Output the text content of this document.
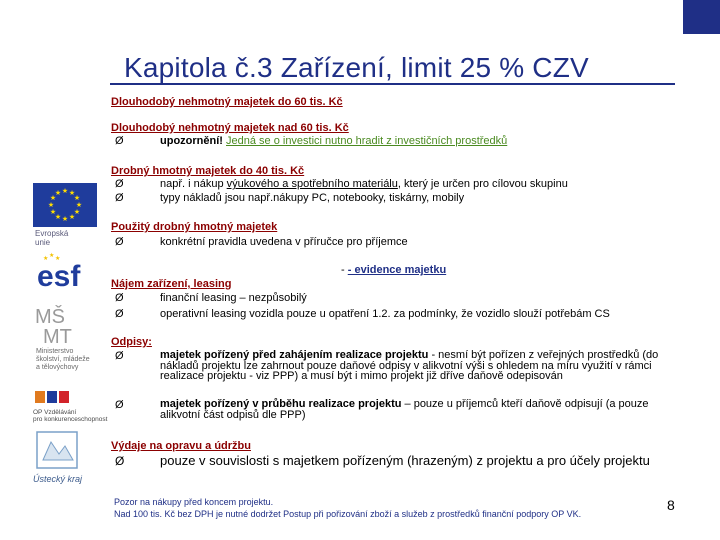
Kapitola č.3 Zařízení, limit 25 % CZV
Dlouhodobý nehmotný majetek do 60 tis. Kč
Dlouhodobý nehmotný majetek nad 60 tis. Kč
Ø	upozornění! Jedná se o investici nutno hradit z investičních prostředků
Drobný hmotný majetek do 40 tis. Kč
Ø	např. i nákup výukového a spotřebního materiálu, který je určen pro cílovou skupinu
Ø	typy nákladů jsou např.nákupy PC, notebooky, tiskárny, mobily
Použitý drobný hmotný majetek
Ø	konkrétní pravidla uvedena v příručce pro příjemce
- - evidence majetku
Nájem zařízení, leasing
Ø	finanční leasing – nezpůsobilý
Ø	operativní leasing vozidla pouze u opatření 1.2. za podmínky, že vozidlo slouží potřebám CS
Odpisy:
Ø	majetek pořízený před zahájením realizace projektu - nesmí být pořízen z veřejných prostředků (do nákladů projektu lze zahrnout pouze daňové odpisy v alikvotní výši s ohledem na míru využití v rámci realizace projektu - viz PPP) a musí být i mimo projekt již dříve daňově odepisován
Ø	majetek pořízený v průběhu realizace projektu – pouze u příjemců kteří daňově odpisují (a pouze alikvotní část odpisů dle PPP)
Výdaje na opravu a údržbu
Ø	pouze v souvislosti s majetkem pořízeným (hrazeným) z projektu a pro účely projektu
Pozor na nákupy před koncem projektu.
Nad 100 tis. Kč bez DPH je nutné dodržet Postup při pořizování zboží a služeb z prostředků finanční podpory OP VK.
8
★ ★
★
★
★
★
★
★
★
★
★
★
Evropská
unie
esf
★ ★ ★
MŠ
MT
Ministerstvo
školství, mládeže
a tělovýchovy
OP Vzdělávání
pro konkurenceschopnost
Ústecký kraj
